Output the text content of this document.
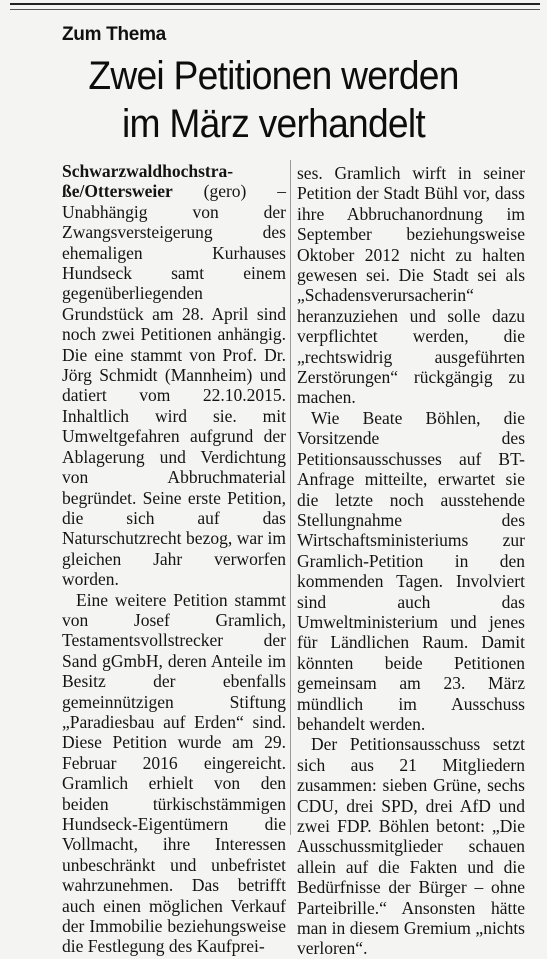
Zum Thema
Zwei Petitionen werden
im März verhandelt

Schwarzwaldhochstraße/Ottersweier (gero) – Unabhängig von der Zwangsversteigerung des ehemaligen Kurhauses Hundseck samt einem gegenüberliegenden Grundstück am 28. April sind noch zwei Petitionen anhängig. Die eine stammt von Prof. Dr. Jörg Schmidt (Mannheim) und datiert vom 22.10.2015. Inhaltlich wird sie. mit Umweltgefahren aufgrund der Ablagerung und Verdichtung von Abbruchmaterial begründet. Seine erste Petition, die sich auf das Naturschutzrecht bezog, war im gleichen Jahr verworfen worden.

Eine weitere Petition stammt von Josef Gramlich, Testamentsvollstrecker der Sand gGmbH, deren Anteile im Besitz der ebenfalls gemeinnützigen Stiftung „Paradiesbau auf Erden“ sind. Diese Petition wurde am 29. Februar 2016 eingereicht. Gramlich erhielt von den beiden türkischstämmigen Hundseck-Eigentümern die Vollmacht, ihre Interessen unbeschränkt und unbefristet wahrzunehmen. Das betrifft auch einen möglichen Verkauf der Immobilie beziehungsweise die Festlegung des Kaufprei-

ses. Gramlich wirft in seiner Petition der Stadt Bühl vor, dass ihre Abbruchanordnung im September beziehungsweise Oktober 2012 nicht zu halten gewesen sei. Die Stadt sei als „Schadensverursacherin“ heranzuziehen und solle dazu verpflichtet werden, die „rechtswidrig ausgeführten Zerstörungen“ rückgängig zu machen.

Wie Beate Böhlen, die Vorsitzende des Petitionsausschusses auf BT-Anfrage mitteilte, erwartet sie die letzte noch ausstehende Stellungnahme des Wirtschaftsministeriums zur Gramlich-Petition in den kommenden Tagen. Involviert sind auch das Umweltministerium und jenes für Ländlichen Raum. Damit könnten beide Petitionen gemeinsam am 23. März mündlich im Ausschuss behandelt werden.

Der Petitionsausschuss setzt sich aus 21 Mitgliedern zusammen: sieben Grüne, sechs CDU, drei SPD, drei AfD und zwei FDP. Böhlen betont: „Die Ausschussmitglieder schauen allein auf die Fakten und die Bedürfnisse der Bürger – ohne Parteibrille.“ Ansonsten hätte man in diesem Gremium „nichts verloren“.
